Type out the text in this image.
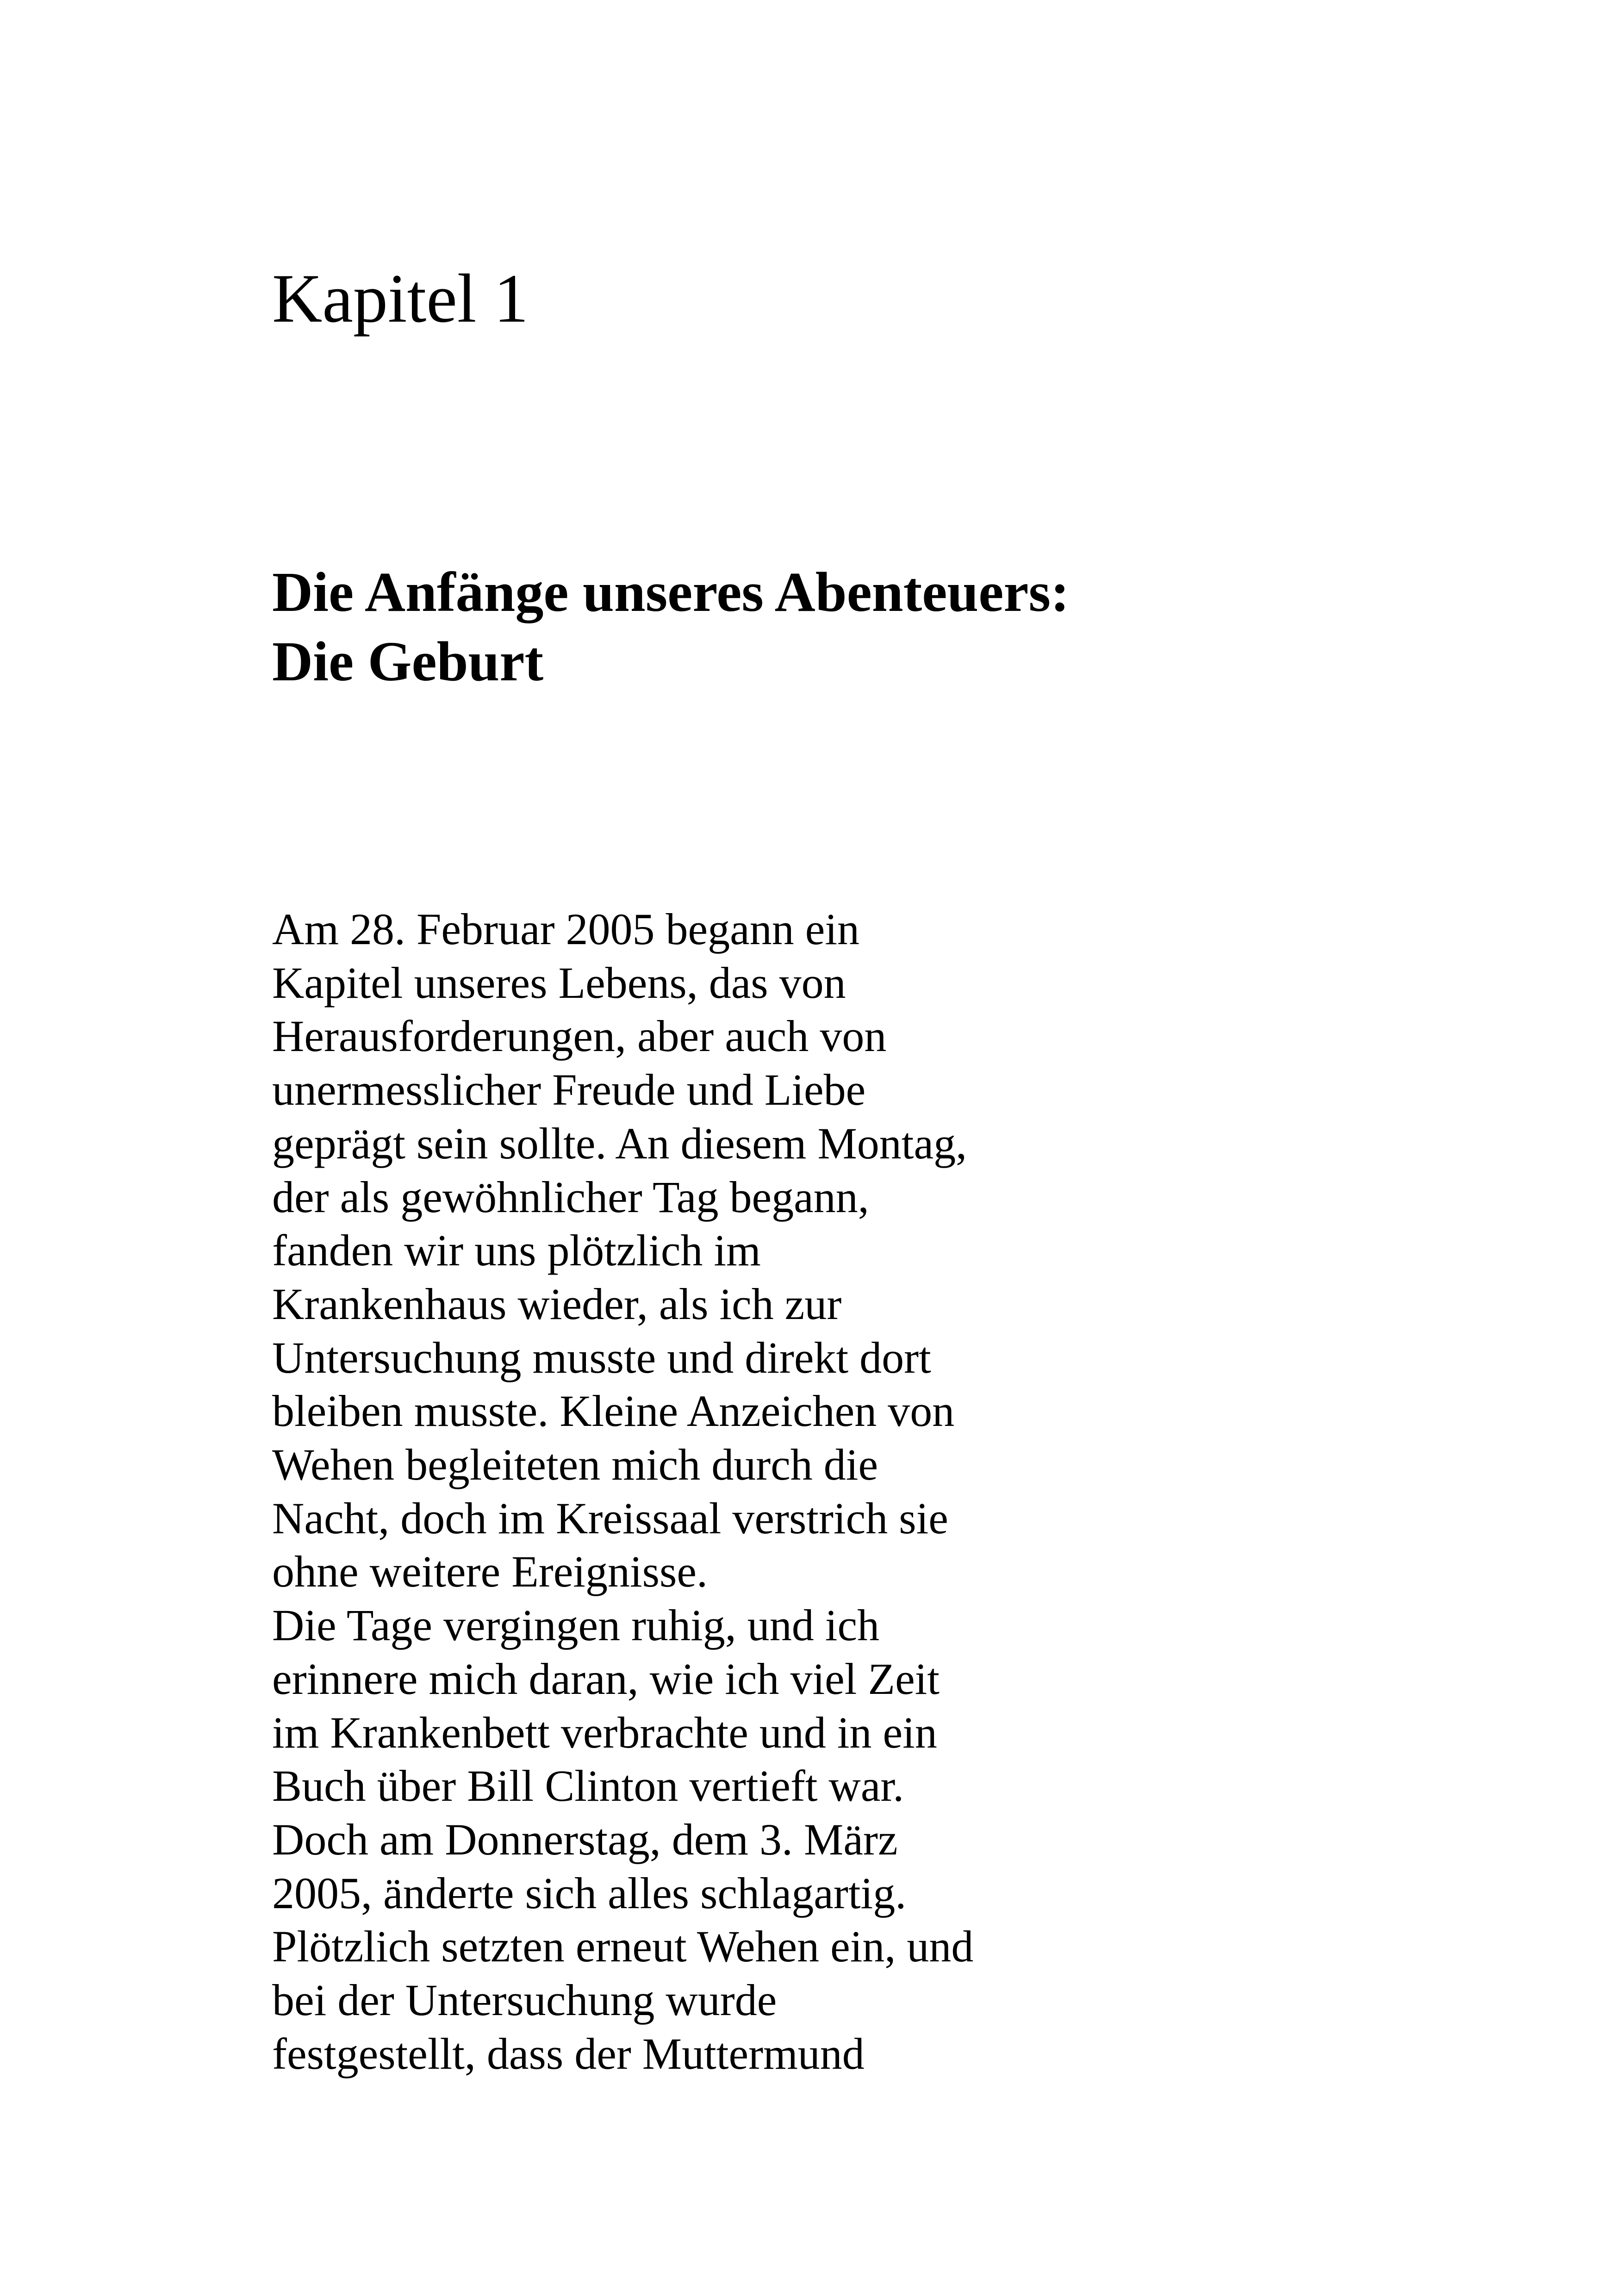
Kapitel 1
Die Anfänge unseres Abenteuers:
Die Geburt
Am 28. Februar 2005 begann ein
Kapitel unseres Lebens, das von
Herausforderungen, aber auch von
unermesslicher Freude und Liebe
geprägt sein sollte. An diesem Montag,
der als gewöhnlicher Tag begann,
fanden wir uns plötzlich im
Krankenhaus wieder, als ich zur
Untersuchung musste und direkt dort
bleiben musste. Kleine Anzeichen von
Wehen begleiteten mich durch die
Nacht, doch im Kreissaal verstrich sie
ohne weitere Ereignisse.
Die Tage vergingen ruhig, und ich
erinnere mich daran, wie ich viel Zeit
im Krankenbett verbrachte und in ein
Buch über Bill Clinton vertieft war.
Doch am Donnerstag, dem 3. März
2005, änderte sich alles schlagartig.
Plötzlich setzten erneut Wehen ein, und
bei der Untersuchung wurde
festgestellt, dass der Muttermund
